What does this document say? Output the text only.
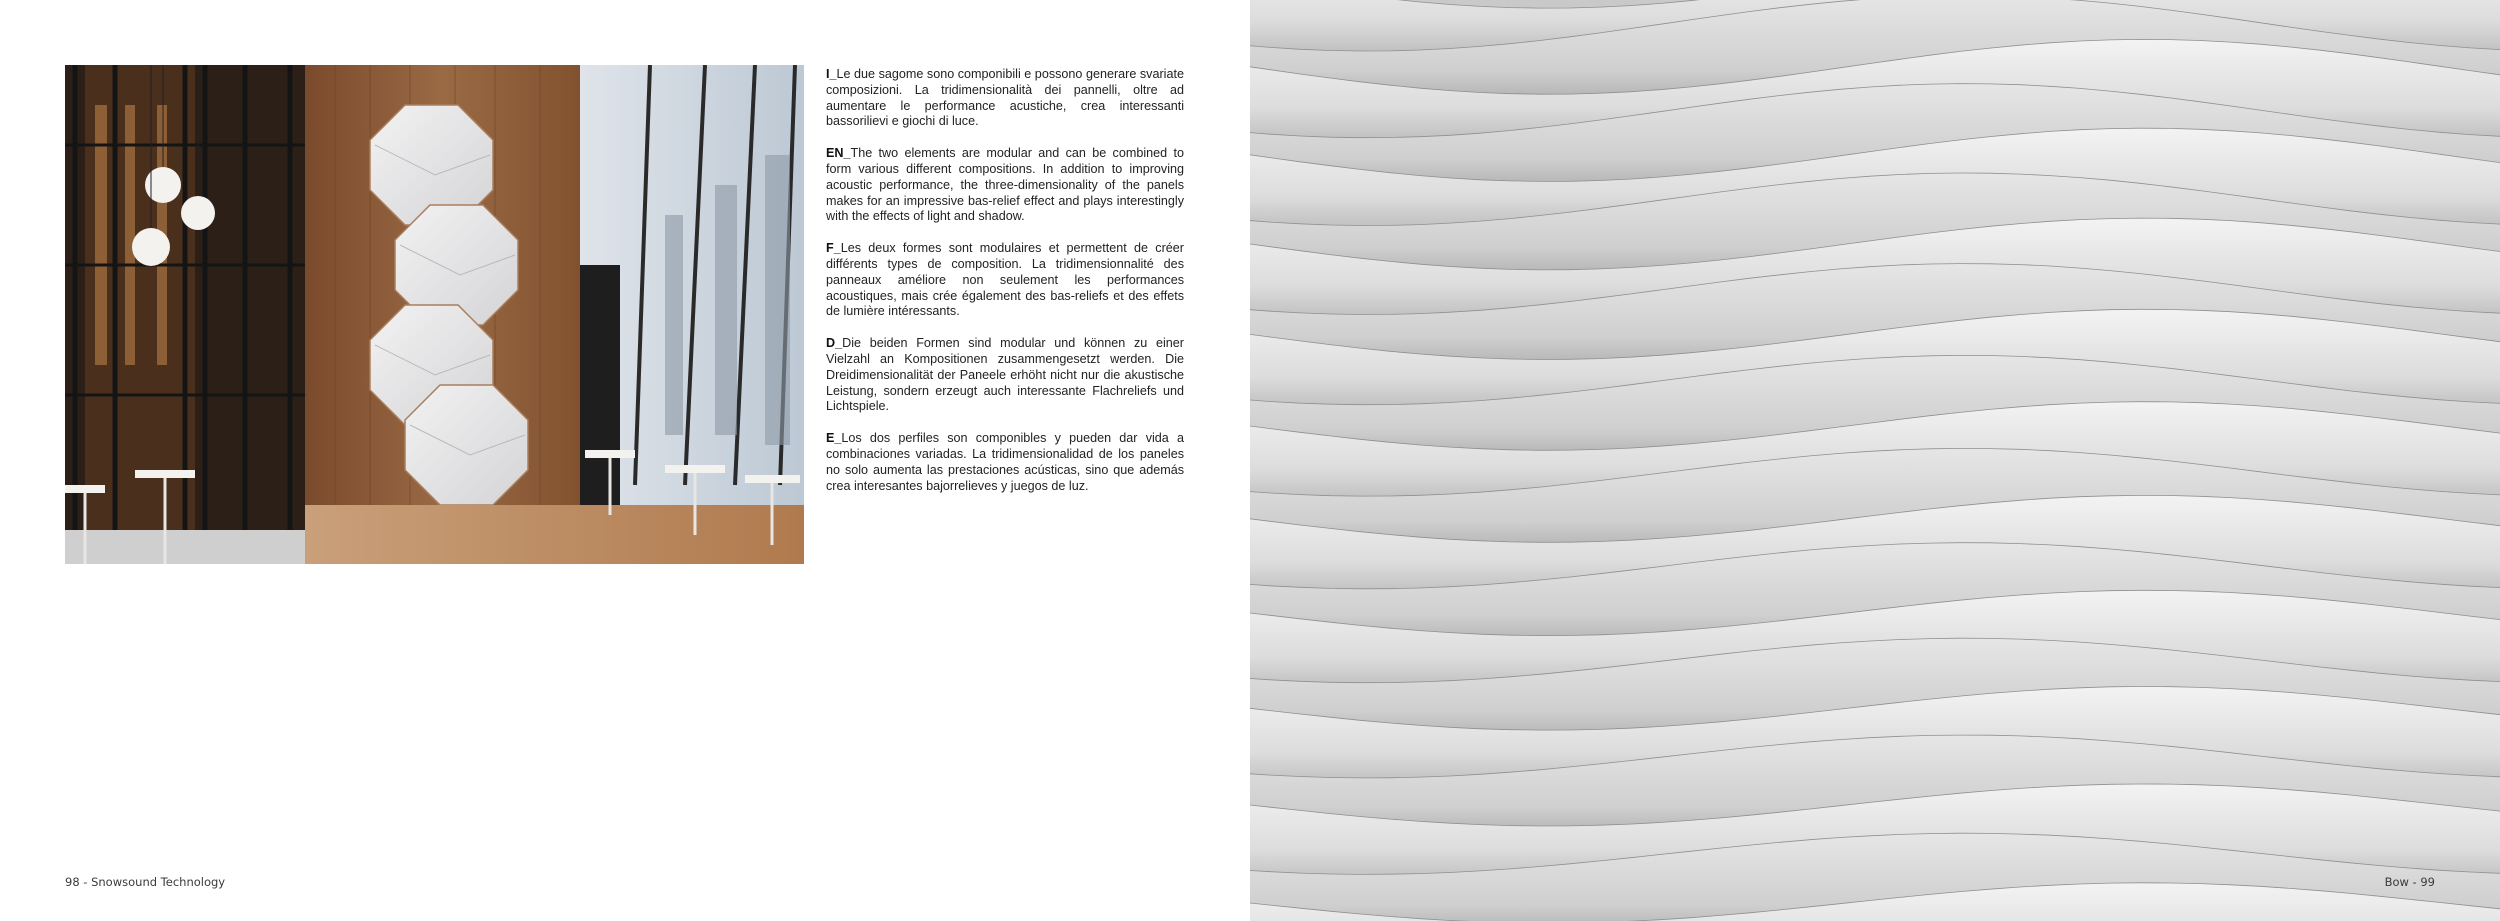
I_Le due sagome sono componibili e possono generare svariate composizioni. La tridimensionalità dei pannelli, oltre ad aumentare le performance acustiche, crea interessanti bassorilievi e giochi di luce.

EN_The two elements are modular and can be combined to form various different compositions. In addition to improving acoustic performance, the three-dimensionality of the panels makes for an impressive bas-relief effect and plays interestingly with the effects of light and shadow.

F_Les deux formes sont modulaires et permettent de créer différents types de composition. La tridimensionnalité des panneaux améliore non seulement les performances acoustiques, mais crée également des bas-reliefs et des effets de lumière intéressants.

D_Die beiden Formen sind modular und können zu einer Vielzahl an Kompositionen zusammengesetzt werden. Die Dreidimensionalität der Paneele erhöht nicht nur die akustische Leistung, sondern erzeugt auch interessante Flachreliefs und Lichtspiele.

E_Los dos perfiles son componibles y pueden dar vida a combinaciones variadas. La tridimensionalidad de los paneles no solo aumenta las prestaciones acústicas, sino que además crea interesantes bajorrelieves y juegos de luz.

98 - Snowsound Technology	Bow - 99
